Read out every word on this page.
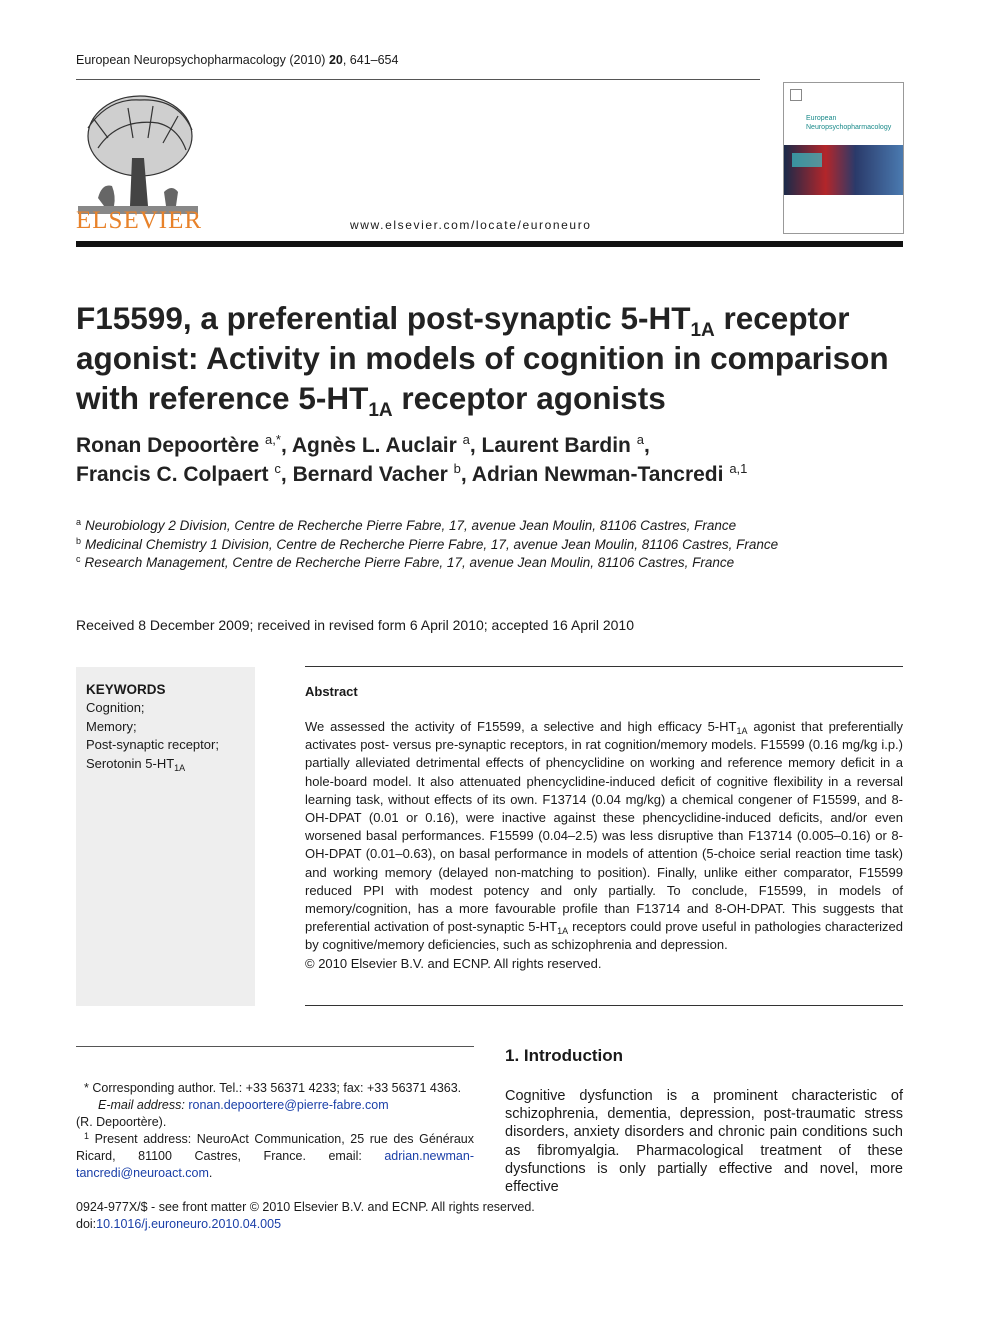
European Neuropsychopharmacology (2010) 20, 641–654
ELSEVIER	www.elsevier.com/locate/euroneuro
European
Neuropsychopharmacology
F15599, a preferential post-synaptic $5-HT_{1A}$ receptor agonist: Activity in models of cognition in comparison with reference $5-HT_{1A}$ receptor agonists
Ronan Depoortère $^{a,*}$, Agnès L. Auclair $^a$, Laurent Bardin $^a$,
Francis C. Colpaert $^c$, Bernard Vacher $^b$, Adrian Newman-Tancredi $^{a,1}$
$^a$ Neurobiology 2 Division, Centre de Recherche Pierre Fabre, 17, avenue Jean Moulin, 81106 Castres, France
$^b$ Medicinal Chemistry 1 Division, Centre de Recherche Pierre Fabre, 17, avenue Jean Moulin, 81106 Castres, France
$^c$ Research Management, Centre de Recherche Pierre Fabre, 17, avenue Jean Moulin, 81106 Castres, France
Received 8 December 2009; received in revised form 6 April 2010; accepted 16 April 2010
KEYWORDS
Cognition;
Memory;
Post-synaptic receptor;
Serotonin $5-HT_{1A}$
Abstract
We assessed the activity of F15599, a selective and high efficacy $5-HT_{1A}$ agonist that preferentially activates post- versus pre-synaptic receptors, in rat cognition/memory models. F15599 (0.16 mg/kg i.p.) partially alleviated detrimental effects of phencyclidine on working and reference memory deficit in a hole-board model. It also attenuated phencyclidine-induced deficit of cognitive flexibility in a reversal learning task, without effects of its own. F13714 (0.04 mg/kg) a chemical congener of F15599, and 8-OH-DPAT (0.01 or 0.16), were inactive against these phencyclidine-induced deficits, and/or even worsened basal performances. F15599 (0.04–2.5) was less disruptive than F13714 (0.005–0.16) or 8-OH-DPAT (0.01–0.63), on basal performance in models of attention (5-choice serial reaction time task) and working memory (delayed non-matching to position). Finally, unlike either comparator, F15599 reduced PPI with modest potency and only partially. To conclude, F15599, in models of memory/cognition, has a more favourable profile than F13714 and 8-OH-DPAT. This suggests that preferential activation of post-synaptic $5-HT_{1A}$ receptors could prove useful in pathologies characterized by cognitive/memory deficiencies, such as schizophrenia and depression.
© 2010 Elsevier B.V. and ECNP. All rights reserved.
* Corresponding author. Tel.: +33 56371 4233; fax: +33 56371 4363.
E-mail address: ronan.depoortere@pierre-fabre.com
(R. Depoortère).
$^1$ Present address: NeuroAct Communication, 25 rue des Généraux Ricard, 81100 Castres, France. email: adrian.newman-tancredi@neuroact.com.
1. Introduction
Cognitive dysfunction is a prominent characteristic of schizophrenia, dementia, depression, post-traumatic stress disorders, anxiety disorders and chronic pain conditions such as fibromyalgia. Pharmacological treatment of these dysfunctions is only partially effective and novel, more effective
0924-977X/$ - see front matter © 2010 Elsevier B.V. and ECNP. All rights reserved.
doi:10.1016/j.euroneuro.2010.04.005
